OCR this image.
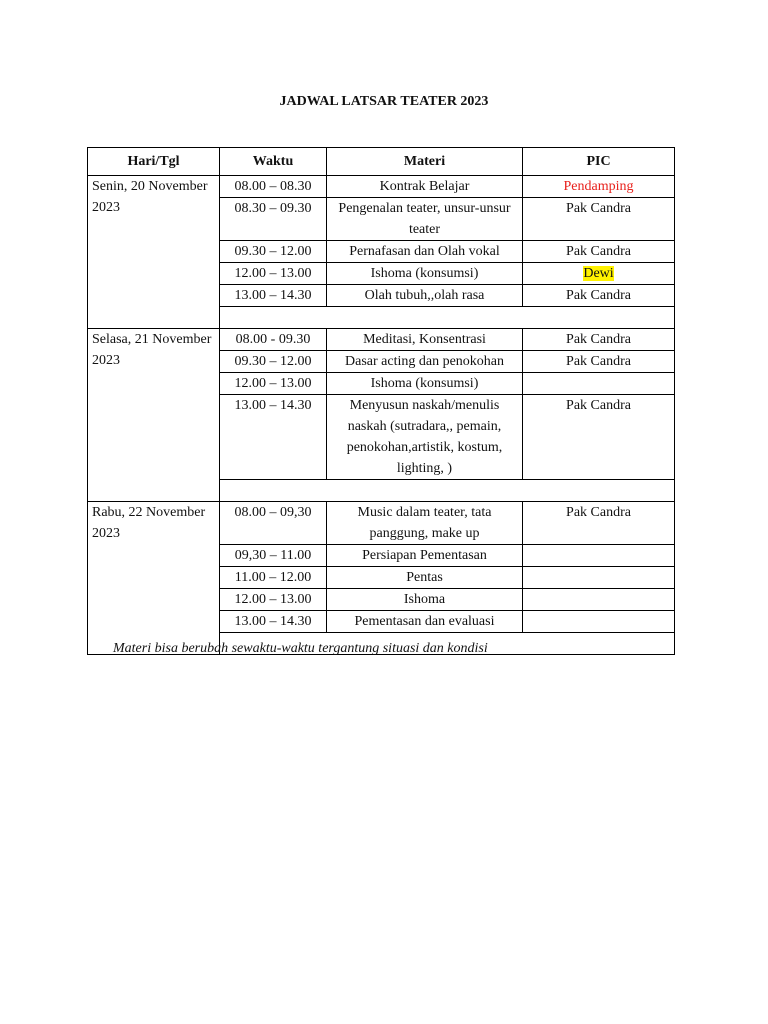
JADWAL LATSAR TEATER 2023
Hari/Tgl	Waktu	Materi	PIC
Senin, 20 November 2023	08.00 – 08.30	Kontrak Belajar	Pendamping
	08.30 – 09.30	Pengenalan teater, unsur-unsur teater	Pak Candra
	09.30 – 12.00	Pernafasan dan Olah vokal	Pak Candra
	12.00 – 13.00	Ishoma (konsumsi)	Dewi
	13.00 – 14.30	Olah tubuh,,olah rasa	Pak Candra

Selasa, 21 November 2023	08.00 - 09.30	Meditasi, Konsentrasi	Pak Candra
	09.30 – 12.00	Dasar acting dan penokohan	Pak Candra
	12.00 – 13.00	Ishoma (konsumsi)	
	13.00 – 14.30	Menyusun naskah/menulis naskah (sutradara,, pemain, penokohan,artistik, kostum, lighting, )	Pak Candra

Rabu, 22 November 2023	08.00 – 09,30	Music dalam teater, tata panggung, make up	Pak Candra
	09,30 – 11.00	Persiapan Pementasan	
	11.00 – 12.00	Pentas	
	12.00 – 13.00	Ishoma	
	13.00 – 14.30	Pementasan dan evaluasi	

Materi bisa berubah sewaktu-waktu tergantung situasi dan kondisi
